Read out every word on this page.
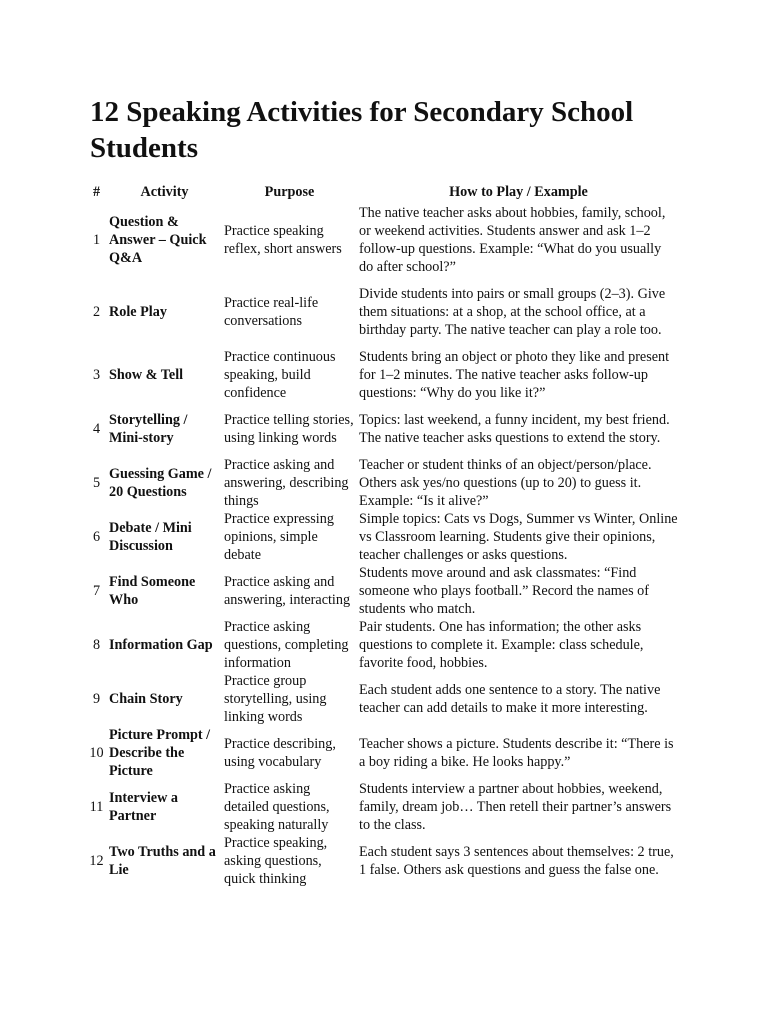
12 Speaking Activities for Secondary School Students
#	Activity	Purpose	How to Play / Example
1	Question & Answer – Quick Q&A	Practice speaking reflex, short answers	The native teacher asks about hobbies, family, school, or weekend activities. Students answer and ask 1–2 follow-up questions. Example: “What do you usually do after school?”
2	Role Play	Practice real-life conversations	Divide students into pairs or small groups (2–3). Give them situations: at a shop, at the school office, at a birthday party. The native teacher can play a role too.
3	Show & Tell	Practice continuous speaking, build confidence	Students bring an object or photo they like and present for 1–2 minutes. The native teacher asks follow-up questions: “Why do you like it?”
4	Storytelling / Mini-story	Practice telling stories, using linking words	Topics: last weekend, a funny incident, my best friend. The native teacher asks questions to extend the story.
5	Guessing Game / 20 Questions	Practice asking and answering, describing things	Teacher or student thinks of an object/person/place. Others ask yes/no questions (up to 20) to guess it. Example: “Is it alive?”
6	Debate / Mini Discussion	Practice expressing opinions, simple debate	Simple topics: Cats vs Dogs, Summer vs Winter, Online vs Classroom learning. Students give their opinions, teacher challenges or asks questions.
7	Find Someone Who	Practice asking and answering, interacting	Students move around and ask classmates: “Find someone who plays football.” Record the names of students who match.
8	Information Gap	Practice asking questions, completing information	Pair students. One has information; the other asks questions to complete it. Example: class schedule, favorite food, hobbies.
9	Chain Story	Practice group storytelling, using linking words	Each student adds one sentence to a story. The native teacher can add details to make it more interesting.
10	Picture Prompt / Describe the Picture	Practice describing, using vocabulary	Teacher shows a picture. Students describe it: “There is a boy riding a bike. He looks happy.”
11	Interview a Partner	Practice asking detailed questions, speaking naturally	Students interview a partner about hobbies, weekend, family, dream job… Then retell their partner’s answers to the class.
12	Two Truths and a Lie	Practice speaking, asking questions, quick thinking	Each student says 3 sentences about themselves: 2 true, 1 false. Others ask questions and guess the false one.
